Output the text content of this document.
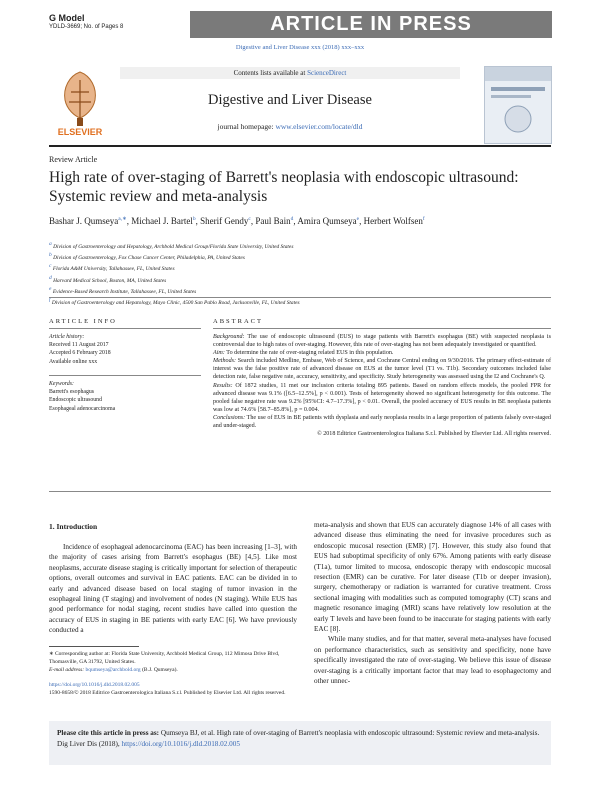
G Model
YDLD-3669; No. of Pages 8	ARTICLE IN PRESS
Digestive and Liver Disease xxx (2018) xxx–xxx
ELSEVIER
Contents lists available at ScienceDirect
Digestive and Liver Disease
journal homepage: www.elsevier.com/locate/dld
Review Article
High rate of over-staging of Barrett's neoplasia with endoscopic ultrasound: Systemic review and meta-analysis
Bashar J. Qumseya$^{a,∗}$, Michael J. Bartel$^b$, Sherif Gendy$^c$, Paul Bain$^d$, Amira Qumseya$^e$, Herbert Wolfsen$^f$
$^a$ Division of Gastroenterology and Hepatology, Archbold Medical Group/Florida State University, United States
$^b$ Division of Gastroenterology, Fox Chase Cancer Center, Philadelphia, PA, United States
$^c$ Florida A&M University, Tallahassee, FL, United States
$^d$ Harvard Medical School, Boston, MA, United States
$^e$ Evidence-Based Research Institute, Tallahassee, FL, United States
$^f$ Division of Gastroenterology and Hepatology, Mayo Clinic, 4500 San Pablo Road, Jacksonville, FL, United States
ARTICLE INFO	ABSTRACT
Article history:
Received 11 August 2017
Accepted 6 February 2018
Available online xxx
Keywords:
Barrett's esophagus
Endoscopic ultrasound
Esophageal adenocarcinoma

Background: The use of endoscopic ultrasound (EUS) to stage patients with Barrett's esophagus (BE) with suspected neoplasia is controversial due to high rates of over-staging. However, this rate of over-staging has not been adequately investigated or quantified.

Aim: To determine the rate of over-staging related EUS in this population.

Methods: Search included Medline, Embase, Web of Science, and Cochrane Central ending on 9/30/2016. The primary effect-estimate of interest was the false positive rate of advanced disease on EUS at the tumor level (T1 vs. T1b). Secondary outcomes included false detection rate, false negative rate, accuracy, sensitivity, and specificity. Study heterogeneity was assessed using the I2 and Cochrane's Q.

Results: Of 1872 studies, 11 met our inclusion criteria totaling 895 patients. Based on random effects models, the pooled FPR for advanced disease was 9.1% ([6.5–12.5%], p < 0.001). Tests of heterogeneity showed no significant heterogeneity for this outcome. The pooled false negative rate was 9.2% [95%CI: 4.7–17.3%], p < 0.01. Overall, the pooled accuracy of EUS results in BE neoplasia patients was low at 74.6% [58.7–85.8%], p = 0.004.

Conclusions: The use of EUS in BE patients with dysplasia and early neoplasia results in a large proportion of patients falsely over-staged and under-staged.

© 2018 Editrice Gastroenterologica Italiana S.r.l. Published by Elsevier Ltd. All rights reserved.

1. Introduction

Incidence of esophageal adenocarcinoma (EAC) has been increasing [1–3], with the majority of cases arising from Barrett's esophagus (BE) [4,5]. Like most neoplasms, accurate disease staging is critically important for selection of therapeutic options, overall outcomes and survival in EAC patients. EAC can be divided in to early and advanced disease based on local staging of tumor invasion in the esophageal lining (T staging) and involvement of nodes (N staging). While EUS has good performance for nodal staging, recent studies have called into question the accuracy of EUS in staging in BE patients with early EAC [6]. We have previously conducted a

meta-analysis and shown that EUS can accurately diagnose 14% of all cases with advanced disease thus eliminating the need for invasive procedures such as endoscopic mucosal resection (EMR) [7]. However, this study also found that EUS had suboptimal specificity of only 67%. Among patients with early disease (T1a), tumor limited to mucosa, endoscopic therapy with endoscopic mucosal resection (EMR) can be curative. For later disease (T1b or deeper invasion), surgery, chemotherapy or radiation is warranted for curative treatment. Cross sectional imaging with modalities such as computed tomography (CT) scans and magnetic resonance imaging (MRI) scans have relatively low resolution at the early T levels and have been found to be inaccurate for staging patients with early EAC [8].

While many studies, and for that matter, several meta-analyses have focused on performance characteristics, such as sensitivity and specificity, none have specifically investigated the rate of over-staging. We believe this issue of disease over-staging is a critically important factor that may lead to esophagectomy and other unnec-

∗ Corresponding author at: Florida State University, Archbold Medical Group, 112 Mimosa Drive Blvd, Thomasville, GA 31792, United States.
E-mail address: bqumseya@archbold.org (B.J. Qumseya).
https://doi.org/10.1016/j.dld.2018.02.005
1590-8658/© 2018 Editrice Gastroenterologica Italiana S.r.l. Published by Elsevier Ltd. All rights reserved.
Please cite this article in press as: Qumseya BJ, et al. High rate of over-staging of Barrett's neoplasia with endoscopic ultrasound: Systemic review and meta-analysis. Dig Liver Dis (2018), https://doi.org/10.1016/j.dld.2018.02.005
